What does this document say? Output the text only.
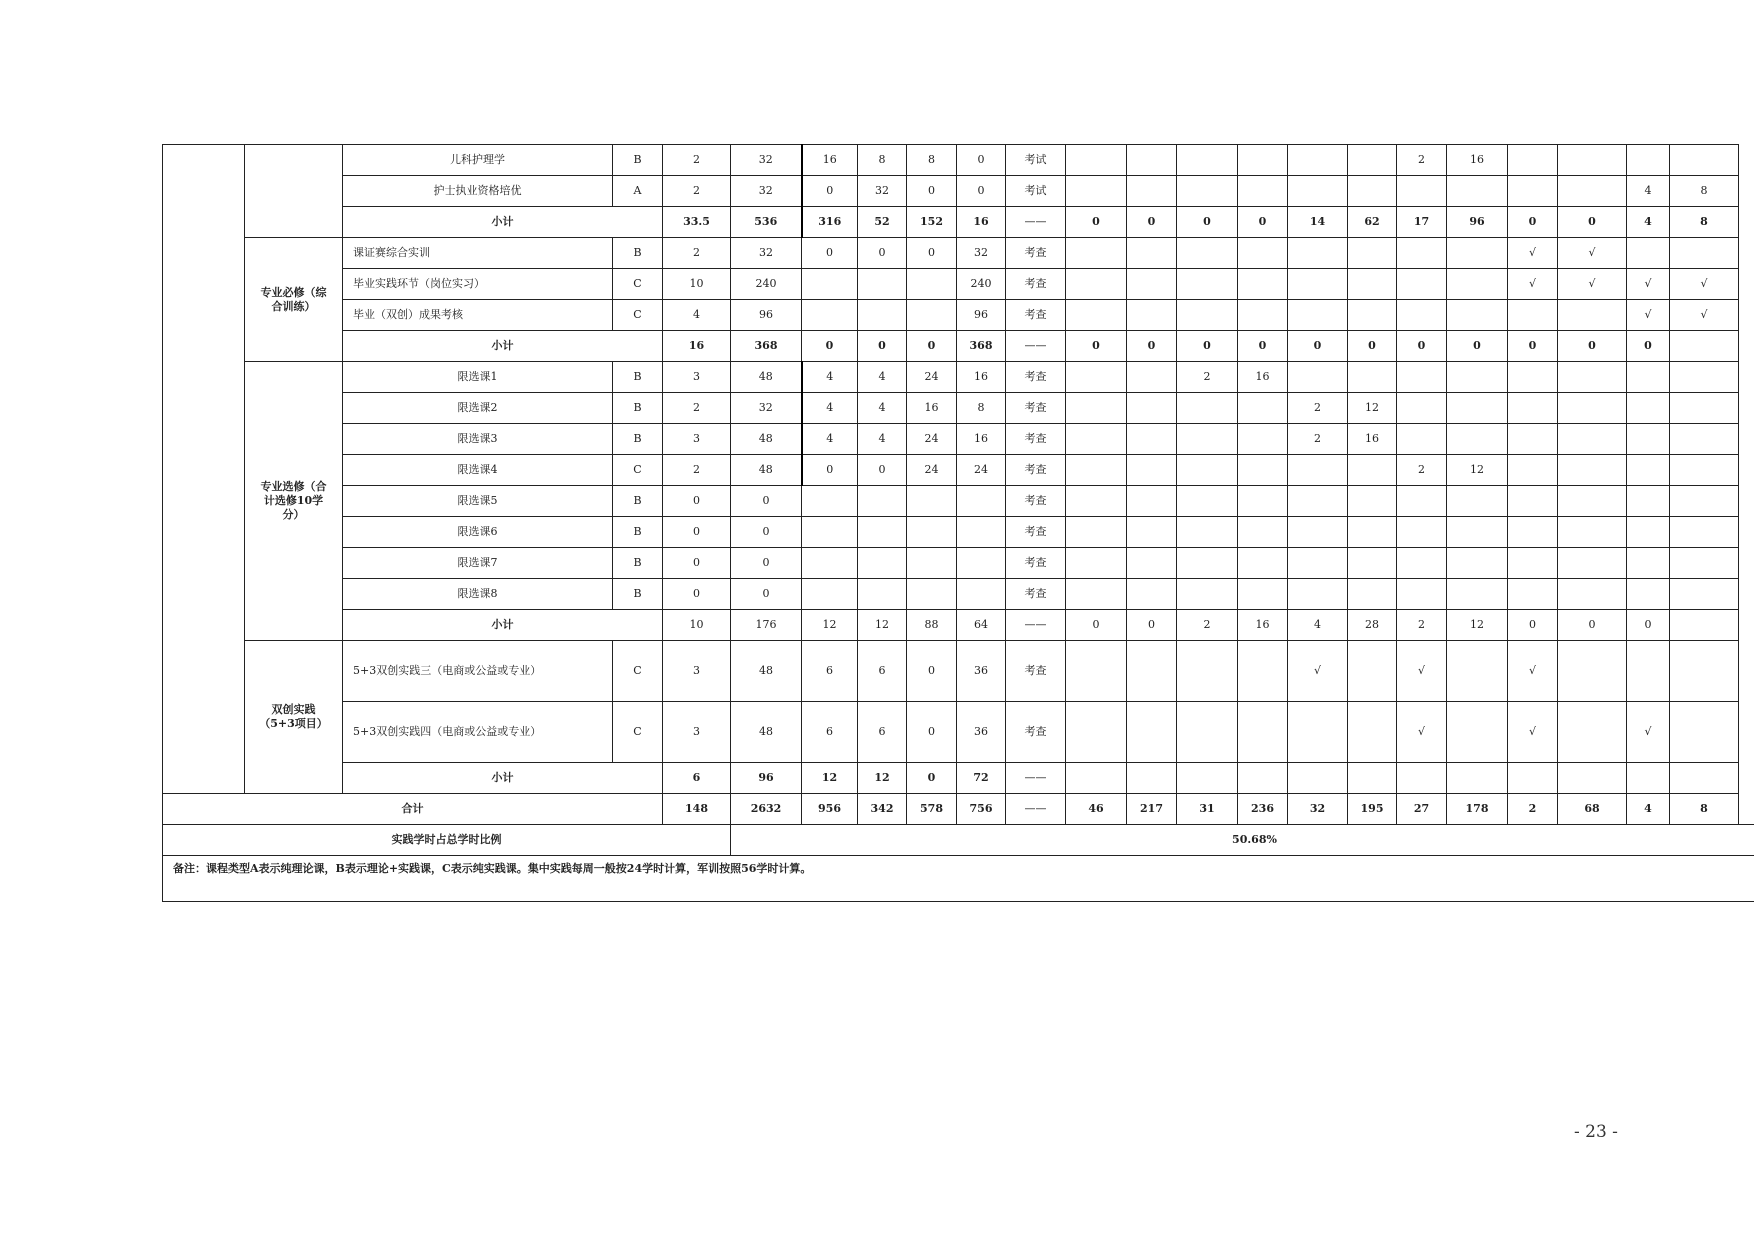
		儿科护理学	B	2	32	16	8	8	0	考试							2	16				
		护士执业资格培优	A	2	32	0	32	0	0	考试											4	8
		小计		33.5	536	316	52	152	16	——	0	0	0	0	14	62	17	96	0	0	4	8
	专业必修（综合训练）	课证赛综合实训	B	2	32	0	0	0	32	考查									√	√		
		毕业实践环节（岗位实习）	C	10	240				240	考查									√	√	√	√
		毕业（双创）成果考核	C	4	96				96	考查											√	√
		小计		16	368	0	0	0	368	——	0	0	0	0	0	0	0	0	0	0	0	
	专业选修（合计选修10学分）	限选课1	B	3	48	4	4	24	16	考查			2	16								
		限选课2	B	2	32	4	4	16	8	考查					2	12						
		限选课3	B	3	48	4	4	24	16	考查					2	16						
		限选课4	C	2	48	0	0	24	24	考查							2	12				
		限选课5	B	0	0					考查												
		限选课6	B	0	0					考查												
		限选课7	B	0	0					考查												
		限选课8	B	0	0					考查												
		小计		10	176	12	12	88	64	——	0	0	2	16	4	28	2	12	0	0	0	
	双创实践（5+3项目）	5+3双创实践三（电商或公益或专业）	C	3	48	6	6	0	36	考查					√		√		√			
		5+3双创实践四（电商或公益或专业）	C	3	48	6	6	0	36	考查							√		√		√	
		小计		6	96	12	12	0	72	——												
合计				148	2632	956	342	578	756	——	46	217	31	236	32	195	27	178	2	68	4	8
实践学时占总学时比例					50.68%																	
备注：课程类型A表示纯理论课，B表示理论+实践课，C表示纯实践课。集中实践每周一般按24学时计算，军训按照56学时计算。																						
- 23 -
